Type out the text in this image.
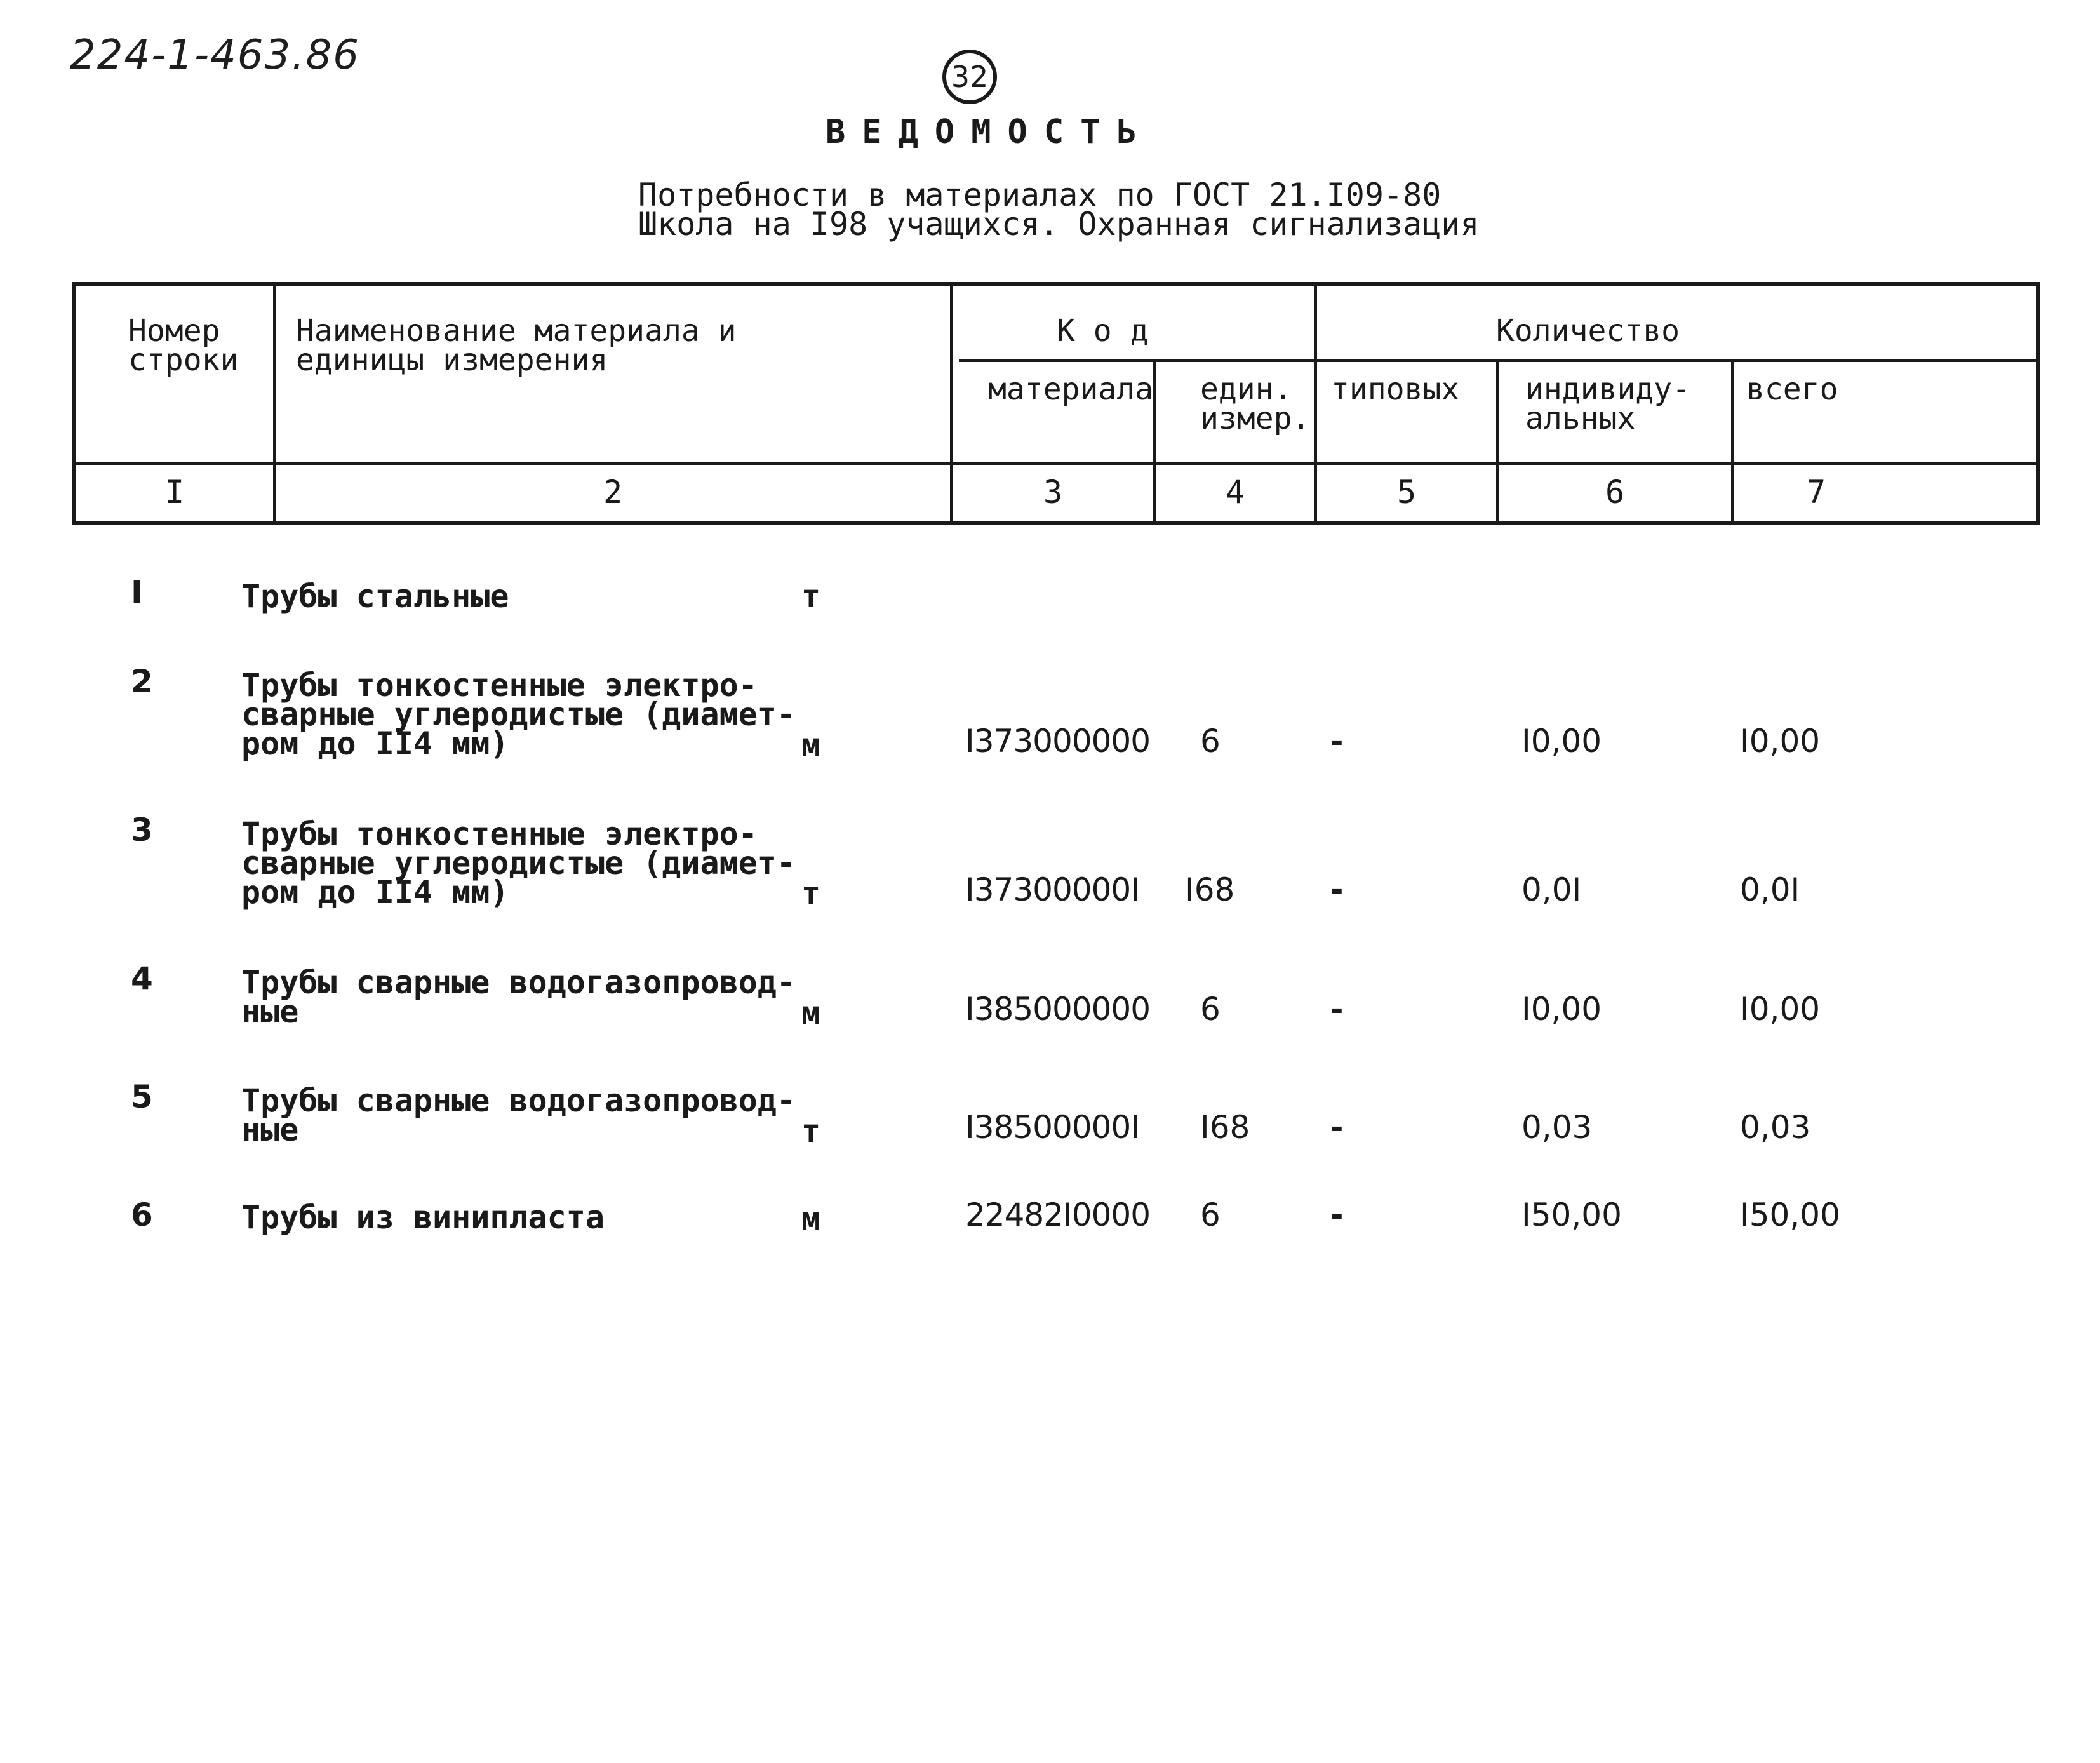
224-1-463.86	32
ВЕДОМОСТЬ
Потребности в материалах по ГОСТ 21.I09-80
Школа на I98 учащихся. Охранная сигнализация
Номер
строки
Наименование материала и
единицы измерения
К о д	Количество
материала един.
измер.
типовых индивиду-
альных
всего
I	2	3	4	5	6	7
I	Трубы стальные	т
2	Трубы тонкостенные электро-
сварные углеродистые (диамет-
ром до II4 мм)	м	I373000000 6	-	I0,00	I0,00
3	Трубы тонкостенные электро-
сварные углеродистые (диамет-
ром до II4 мм)	т	I37300000I I68	-	0,0I	0,0I
4	Трубы сварные водогазопровод-
ные	м	I385000000 6	-	I0,00	I0,00
5	Трубы сварные водогазопровод-
ные	т	I38500000I I68 -	0,03	0,03
6	Трубы из винипласта	м	22482I0000 6	-	I50,00	I50,00
